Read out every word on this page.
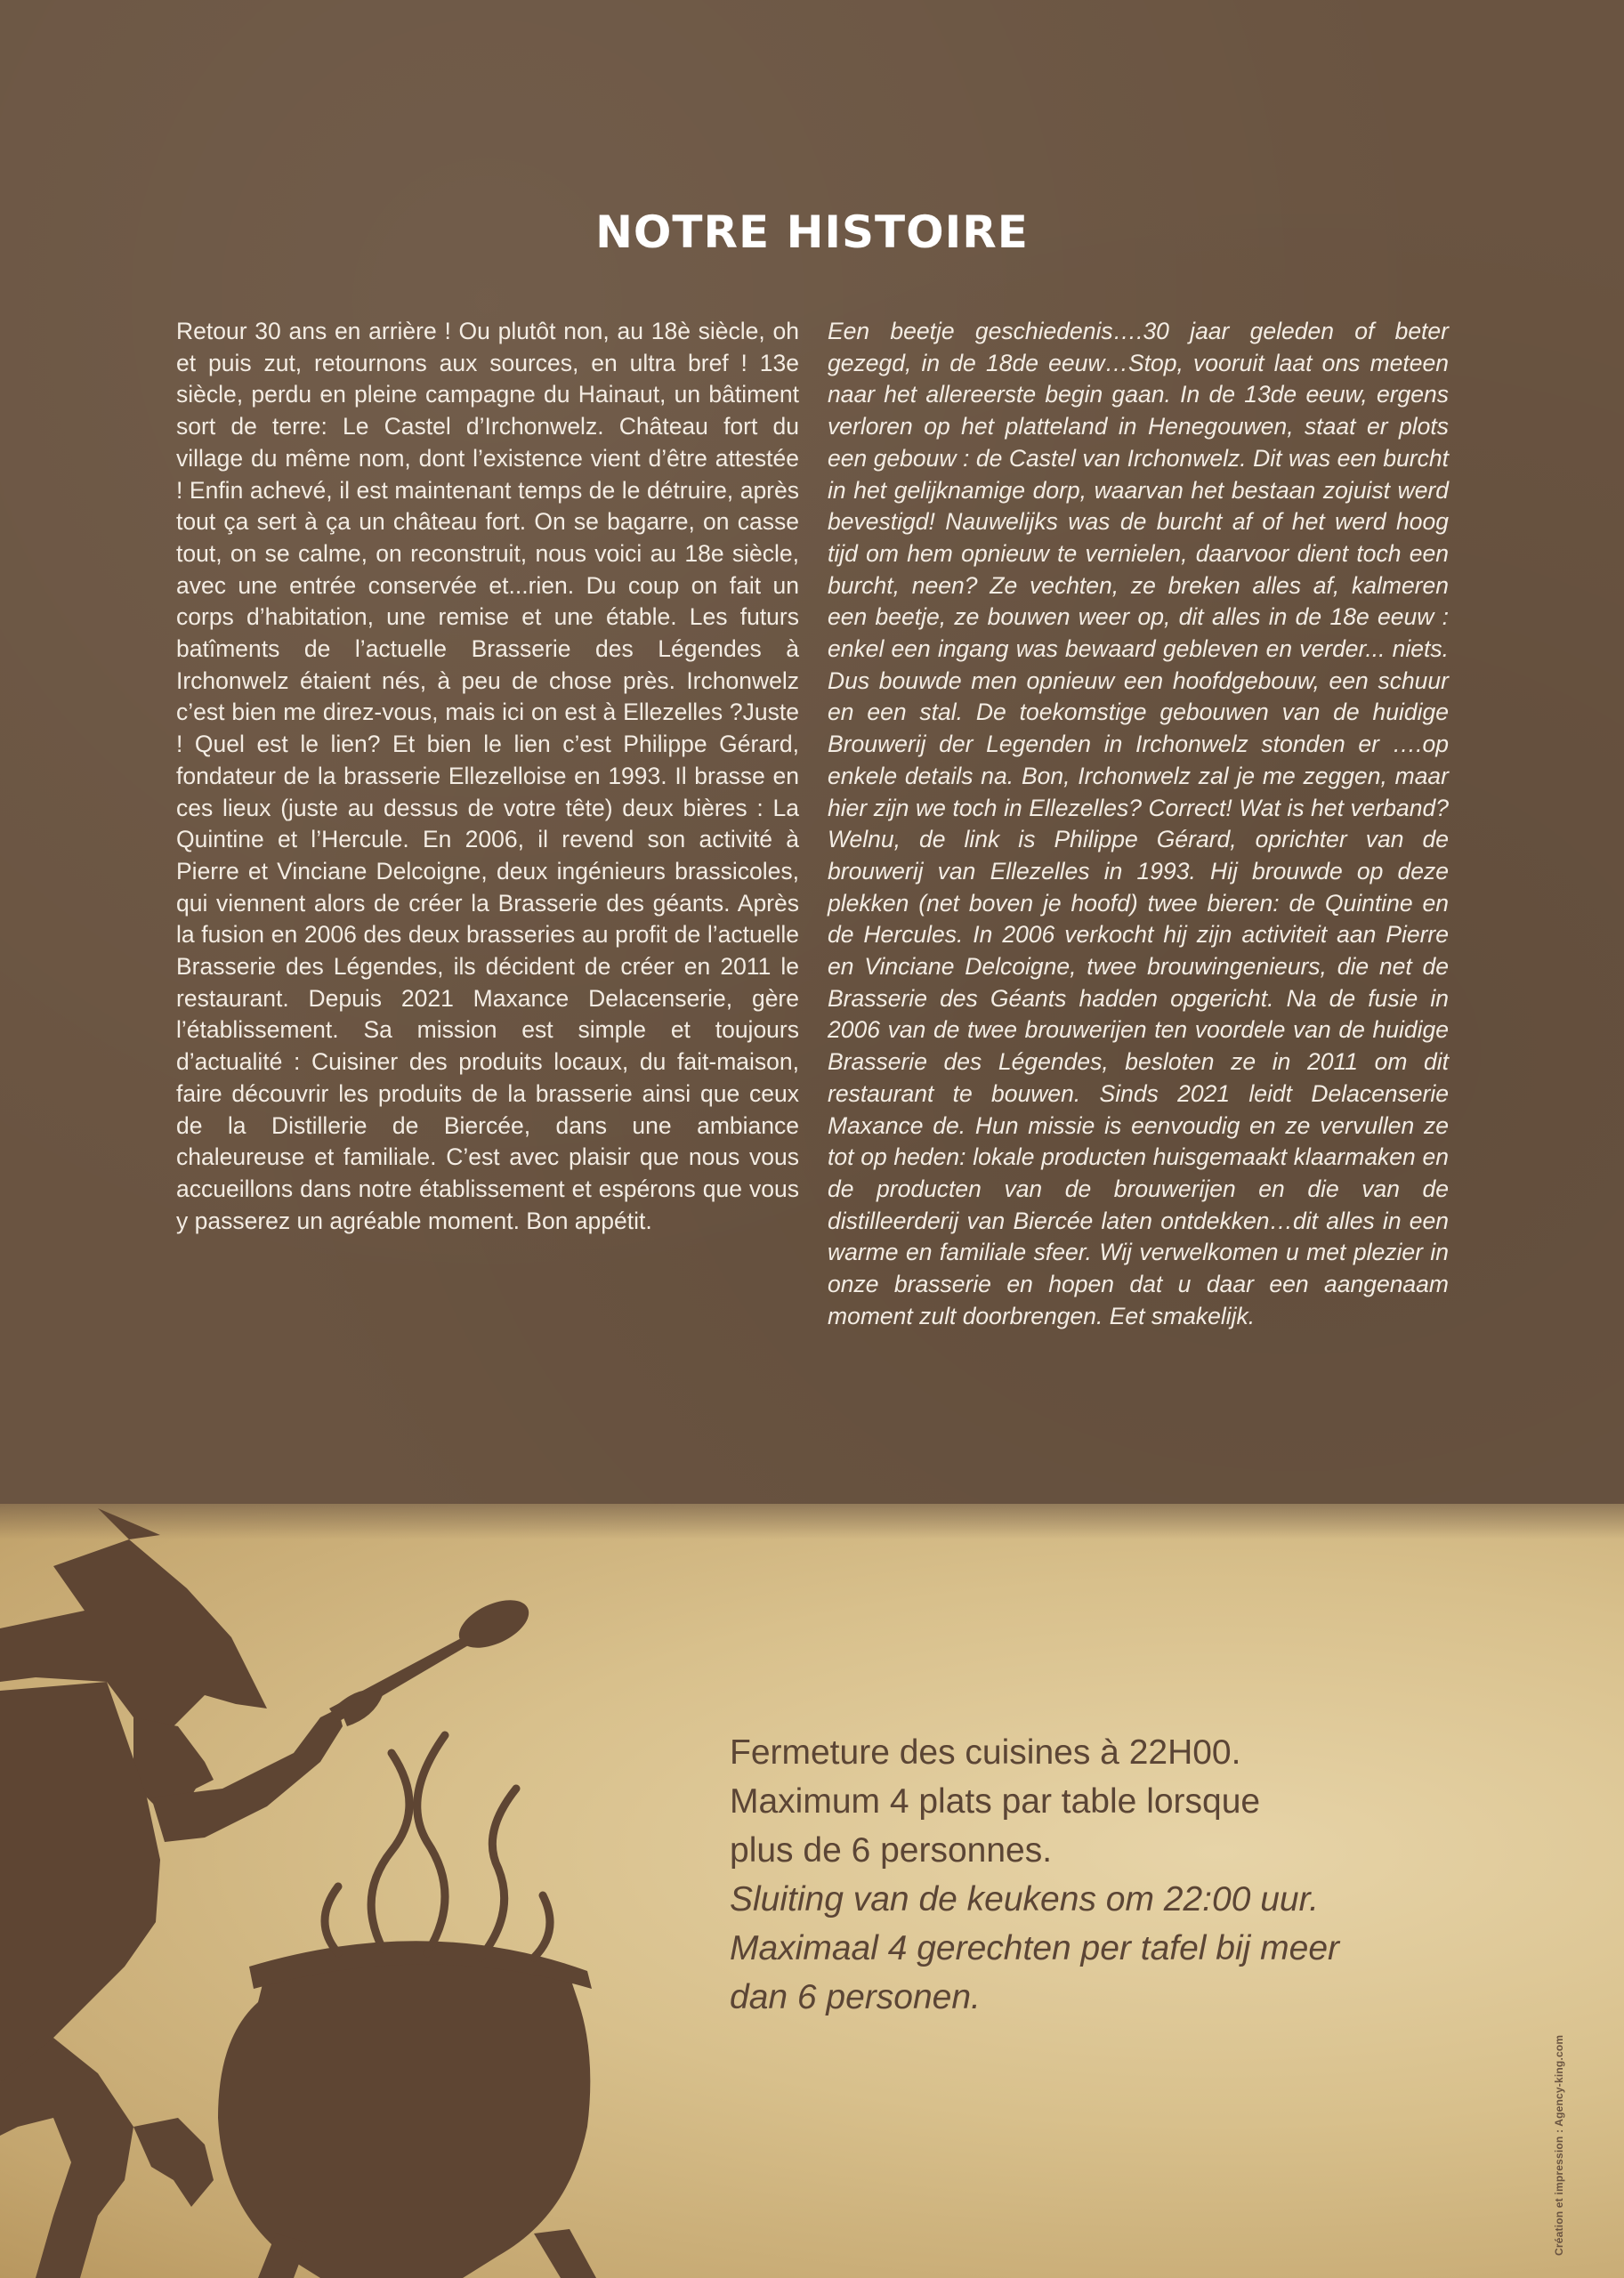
NOTRE HISTOIRE
Retour 30 ans en arrière ! Ou plutôt non, au 18è siècle, oh et puis zut, retournons aux sources, en ultra bref ! 13e siècle, perdu en pleine campagne du Hainaut, un bâtiment sort de terre: Le Castel d’Irchonwelz. Château fort du village du même nom, dont l’existence vient d’être attestée ! Enfin achevé, il est maintenant temps de le détruire, après tout ça sert à ça un château fort. On se bagarre, on casse tout, on se calme, on reconstruit, nous voici au 18e siècle, avec une entrée conservée et...rien. Du coup on fait un corps d’habitation, une remise et une étable. Les futurs batîments de l’actuelle Brasserie des Légendes à Irchonwelz étaient nés, à peu de chose près. Irchonwelz c’est bien me direz-vous, mais ici on est à Ellezelles ?Juste ! Quel est le lien? Et bien le lien c’est Philippe Gérard, fondateur de la brasserie Ellezelloise en 1993. Il brasse en ces lieux (juste au dessus de votre tête) deux bières : La Quintine et l’Hercule. En 2006, il revend son activité à Pierre et Vinciane Delcoigne, deux ingénieurs brassicoles, qui viennent alors de créer la Brasserie des géants. Après la fusion en 2006 des deux brasseries au profit de l’actuelle Brasserie des Légendes, ils décident de créer en 2011 le restaurant. Depuis 2021 Maxance Delacenserie, gère l’établissement. Sa mission est simple et toujours d’actualité : Cuisiner des produits locaux, du fait-maison, faire découvrir les produits de la brasserie ainsi que ceux de la Distillerie de Biercée, dans une ambiance chaleureuse et familiale. C’est avec plaisir que nous vous accueillons dans notre établissement et espérons que vous y passerez un agréable moment. Bon appétit.
Een beetje geschiedenis….30 jaar geleden of beter gezegd, in de 18de eeuw…Stop, vooruit laat ons meteen naar het allereerste begin gaan. In de 13de eeuw, ergens verloren op het platteland in Henegouwen, staat er plots een gebouw : de Castel van Irchonwelz. Dit was een burcht in het gelijknamige dorp, waarvan het bestaan zojuist werd bevestigd! Nauwelijks was de burcht af of het werd hoog tijd om hem opnieuw te vernielen, daarvoor dient toch een burcht, neen? Ze vechten, ze breken alles af, kalmeren een beetje, ze bouwen weer op, dit alles in de 18e eeuw : enkel een ingang was bewaard gebleven en verder... niets. Dus bouwde men opnieuw een hoofdgebouw, een schuur en een stal. De toekomstige gebouwen van de huidige Brouwerij der Legenden in Irchonwelz stonden er ….op enkele details na. Bon, Irchonwelz zal je me zeggen, maar hier zijn we toch in Ellezelles? Correct! Wat is het verband? Welnu, de link is Philippe Gérard, oprichter van de brouwerij van Ellezelles in 1993. Hij brouwde op deze plekken (net boven je hoofd) twee bieren: de Quintine en de Hercules. In 2006 verkocht hij zijn activiteit aan Pierre en Vinciane Delcoigne, twee brouwingenieurs, die net de Brasserie des Géants hadden opgericht. Na de fusie in 2006 van de twee brouwerijen ten voordele van de huidige Brasserie des Légendes, besloten ze in 2011 om dit restaurant te bouwen. Sinds 2021 leidt Delacenserie Maxance de. Hun missie is eenvoudig en ze vervullen ze tot op heden: lokale producten huisgemaakt klaarmaken en de producten van de brouwerijen en die van de distilleerderij van Biercée laten ontdekken…dit alles in een warme en familiale sfeer. Wij verwelkomen u met plezier in onze brasserie en hopen dat u daar een aangenaam moment zult doorbrengen. Eet smakelijk.
Fermeture des cuisines à 22H00.
Maximum 4 plats par table lorsque
plus de 6 personnes.
Sluiting van de keukens om 22:00 uur.
Maximaal 4 gerechten per tafel bij meer
dan 6 personen.
Création et impression : Agency-king.com
